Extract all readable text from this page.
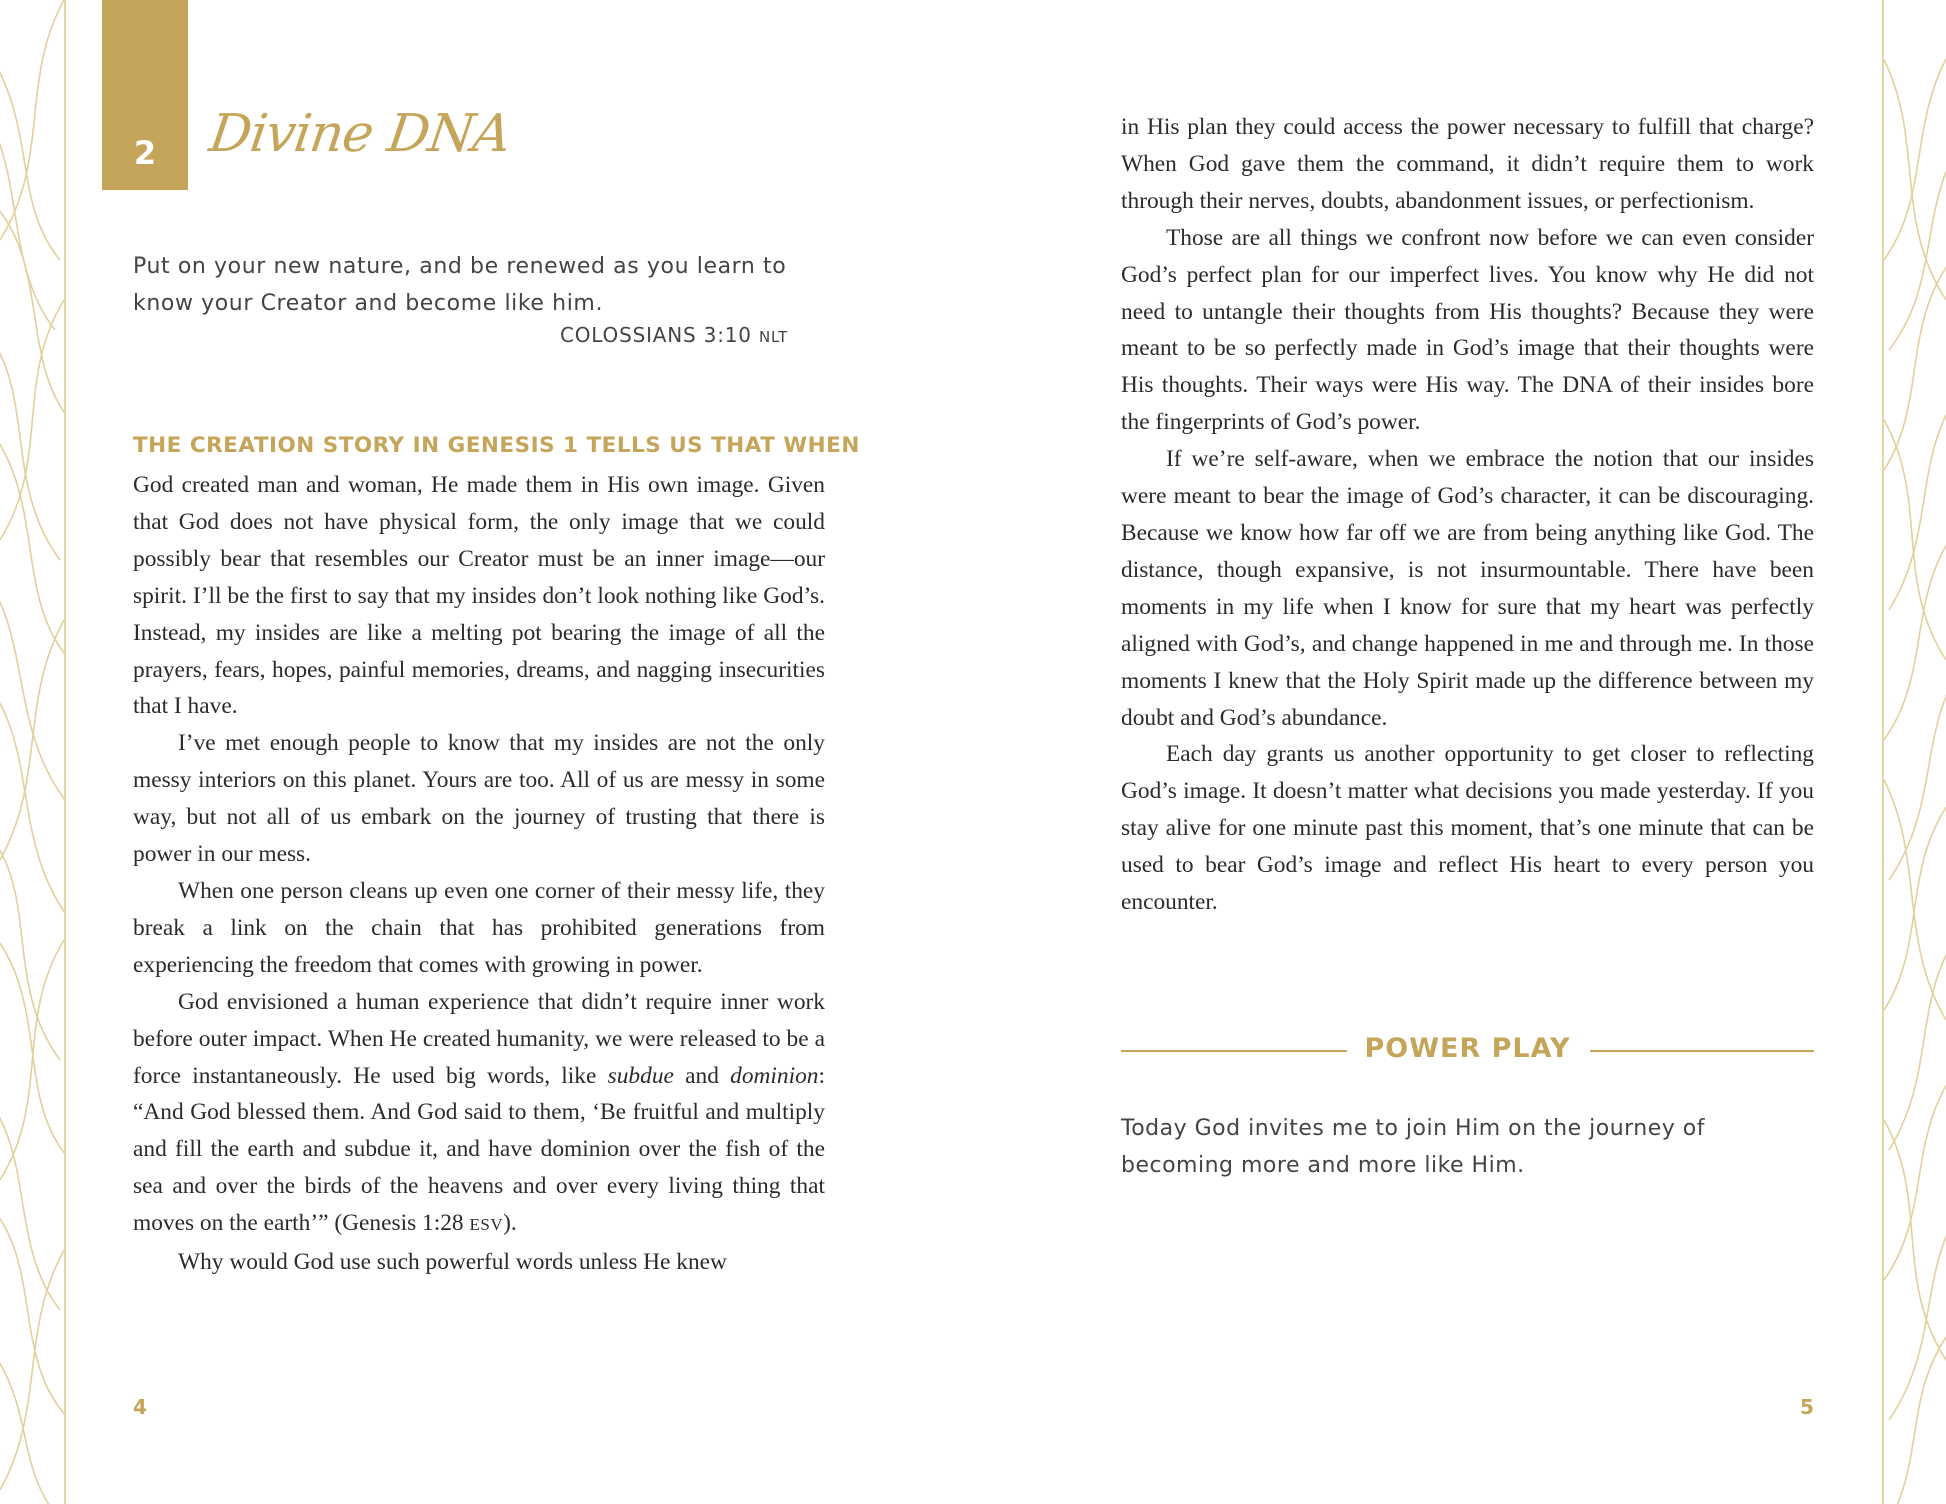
2 Divine DNA
Put on your new nature, and be renewed as you learn to know your Creator and become like him.
COLOSSIANS 3:10 NLT
THE CREATION STORY IN GENESIS 1 TELLS US THAT WHEN

God created man and woman, He made them in His own image. Given that God does not have physical form, the only image that we could possibly bear that resembles our Creator must be an inner image—our spirit. I’ll be the first to say that my insides don’t look nothing like God’s. Instead, my insides are like a melting pot bearing the image of all the prayers, fears, hopes, painful memories, dreams, and nagging insecurities that I have.

I’ve met enough people to know that my insides are not the only messy interiors on this planet. Yours are too. All of us are messy in some way, but not all of us embark on the journey of trusting that there is power in our mess.

When one person cleans up even one corner of their messy life, they break a link on the chain that has prohibited generations from experiencing the freedom that comes with growing in power.

God envisioned a human experience that didn’t require inner work before outer impact. When He created humanity, we were released to be a force instantaneously. He used big words, like subdue and dominion: “And God blessed them. And God said to them, ‘Be fruitful and multiply and fill the earth and subdue it, and have dominion over the fish of the sea and over the birds of the heavens and over every living thing that moves on the earth’” (Genesis 1:28 ESV).

Why would God use such powerful words unless He knew

in His plan they could access the power necessary to fulfill that charge? When God gave them the command, it didn’t require them to work through their nerves, doubts, abandonment issues, or perfectionism.

Those are all things we confront now before we can even consider God’s perfect plan for our imperfect lives. You know why He did not need to untangle their thoughts from His thoughts? Because they were meant to be so perfectly made in God’s image that their thoughts were His thoughts. Their ways were His way. The DNA of their insides bore the fingerprints of God’s power.

If we’re self-aware, when we embrace the notion that our insides were meant to bear the image of God’s character, it can be discouraging. Because we know how far off we are from being anything like God. The distance, though expansive, is not insurmountable. There have been moments in my life when I know for sure that my heart was perfectly aligned with God’s, and change happened in me and through me. In those moments I knew that the Holy Spirit made up the difference between my doubt and God’s abundance.

Each day grants us another opportunity to get closer to reflecting God’s image. It doesn’t matter what decisions you made yesterday. If you stay alive for one minute past this moment, that’s one minute that can be used to bear God’s image and reflect His heart to every person you encounter.

POWER PLAY
Today God invites me to join Him on the journey of becoming more and more like Him.
4	5
